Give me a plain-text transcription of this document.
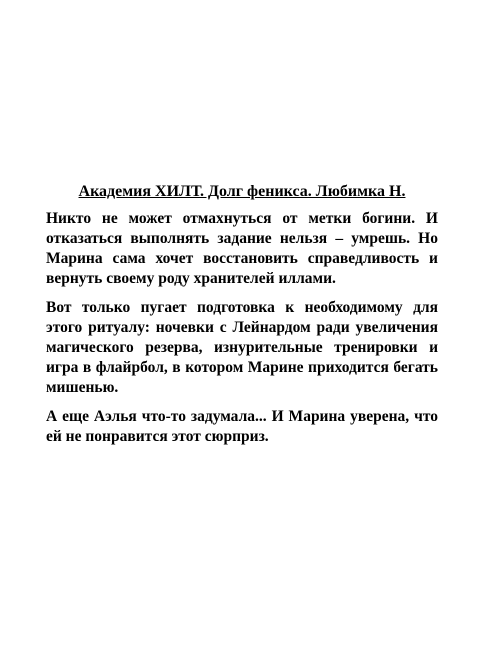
Академия ХИЛТ. Долг феникса. Любимка Н.

Никто не может отмахнуться от метки богини. И отказаться выполнять задание нельзя – умрешь. Но Марина сама хочет восстановить справедливость и вернуть своему роду хранителей иллами.

Вот только пугает подготовка к необходимому для этого ритуалу: ночевки с Лейнардом ради увеличения магического резерва, изнурительные тренировки и игра в флайрбол, в котором Марине приходится бегать мишенью.

А еще Аэлья что-то задумала... И Марина уверена, что ей не понравится этот сюрприз.
